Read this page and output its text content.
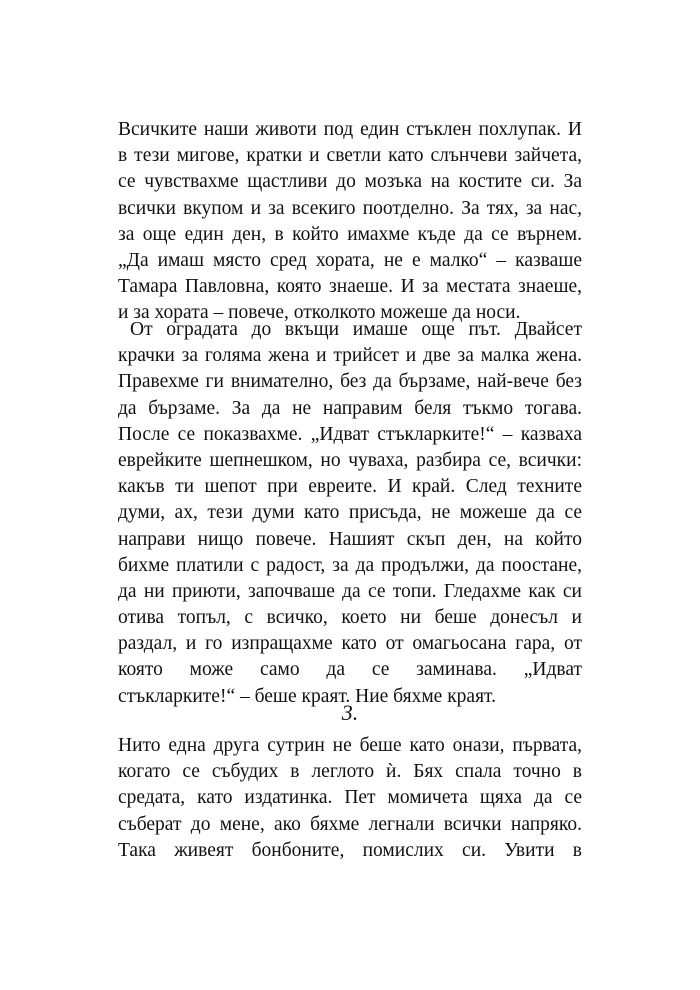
Всичките наши животи под един стъклен похлупак. И
в тези мигове, кратки и светли като слънчеви зайчета,
се чувствахме щастливи до мозъка на костите си. За
всички вкупом и за всекиго поотделно. За тях, за нас,
за още един ден, в който имахме къде да се върнем.
„Да имаш място сред хората, не е малко“ – казваше
Тамара Павловна, която знаеше. И за местата знаеше,
и за хората – повече, отколкото можеше да носи.
От оградата до вкъщи имаше още път. Двайсет
крачки за голяма жена и трийсет и две за малка жена.
Правехме ги внимателно, без да бързаме, най-вече без
да бързаме. За да не направим беля тъкмо тогава.
После се показвахме. „Идват стъкларките!“ – казваха
еврейките шепнешком, но чуваха, разбира се, всички:
какъв ти шепот при евреите. И край. След техните
думи, ах, тези думи като присъда, не можеше да се
направи нищо повече. Нашият скъп ден, на който
бихме платили с радост, за да продължи, да поостане,
да ни приюти, започваше да се топи. Гледахме как си
отива топъл, с всичко, което ни беше донесъл и
раздал, и го изпращахме като от омагьосана гара, от
която може само да се заминава. „Идват
стъкларките!“ – беше краят. Ние бяхме краят.
3.
Нито една друга сутрин не беше като онази, първата,
когато се събудих в леглото ѝ. Бях спала точно в
средата, като издатинка. Пет момичета щяха да се
съберат до мене, ако бяхме легнали всички напряко.
Така живеят бонбоните, помислих си. Увити в
